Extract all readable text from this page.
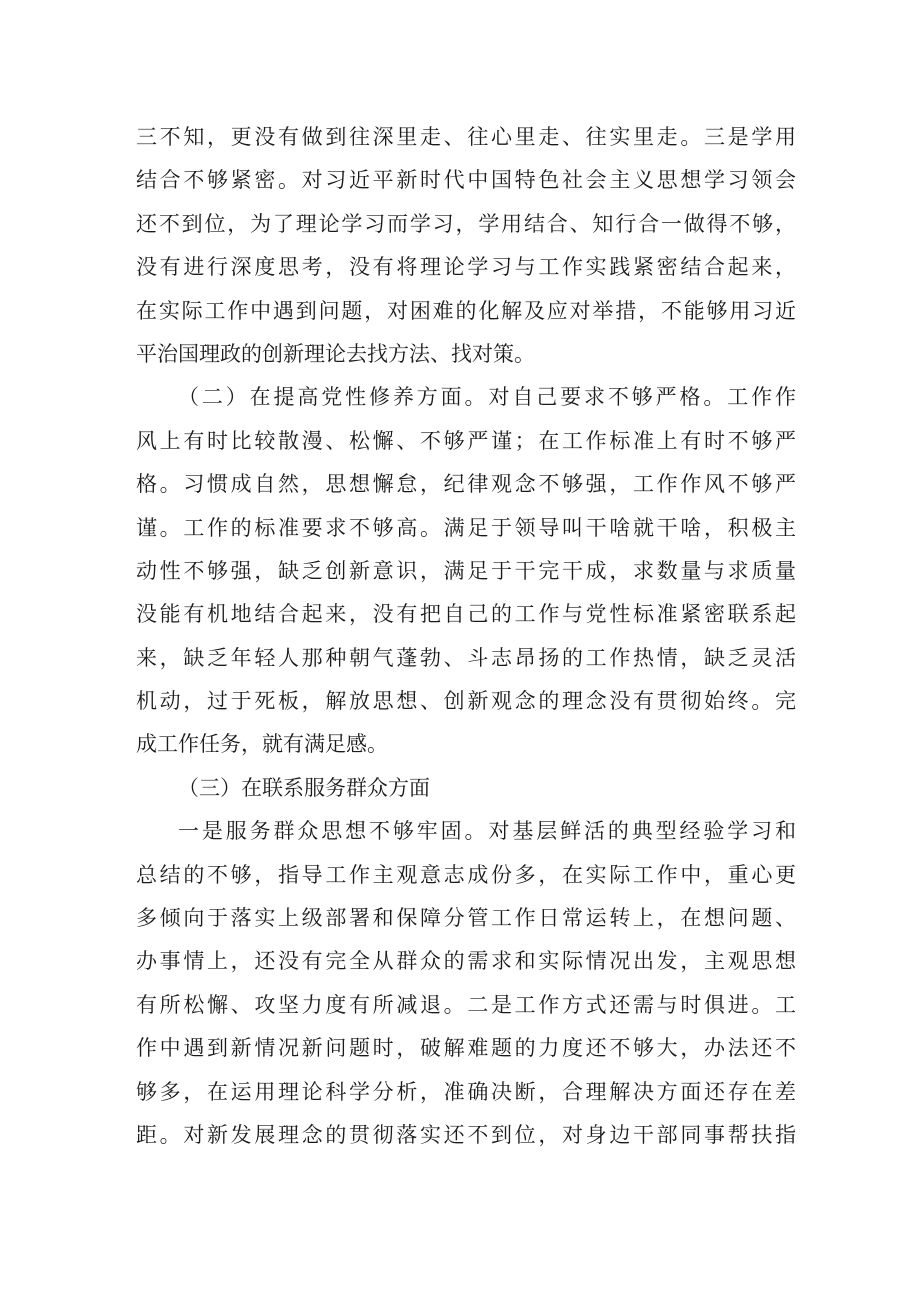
三不知，更没有做到往深里走、往心里走、往实里走。三是学用
结合不够紧密。对习近平新时代中国特色社会主义思想学习领会
还不到位，为了理论学习而学习，学用结合、知行合一做得不够，
没有进行深度思考，没有将理论学习与工作实践紧密结合起来，
在实际工作中遇到问题，对困难的化解及应对举措，不能够用习近
平治国理政的创新理论去找方法、找对策。
（二）在提高党性修养方面。对自己要求不够严格。工作作
风上有时比较散漫、松懈、不够严谨；在工作标准上有时不够严
格。习惯成自然，思想懈怠，纪律观念不够强，工作作风不够严
谨。工作的标准要求不够高。满足于领导叫干啥就干啥，积极主
动性不够强，缺乏创新意识，满足于干完干成，求数量与求质量
没能有机地结合起来，没有把自己的工作与党性标准紧密联系起
来，缺乏年轻人那种朝气蓬勃、斗志昂扬的工作热情，缺乏灵活
机动，过于死板，解放思想、创新观念的理念没有贯彻始终。完
成工作任务，就有满足感。
（三）在联系服务群众方面
一是服务群众思想不够牢固。对基层鲜活的典型经验学习和
总结的不够，指导工作主观意志成份多，在实际工作中，重心更
多倾向于落实上级部署和保障分管工作日常运转上，在想问题、
办事情上，还没有完全从群众的需求和实际情况出发，主观思想
有所松懈、攻坚力度有所减退。二是工作方式还需与时俱进。工
作中遇到新情况新问题时，破解难题的力度还不够大，办法还不
够多，在运用理论科学分析，准确决断，合理解决方面还存在差
距。对新发展理念的贯彻落实还不到位，对身边干部同事帮扶指
